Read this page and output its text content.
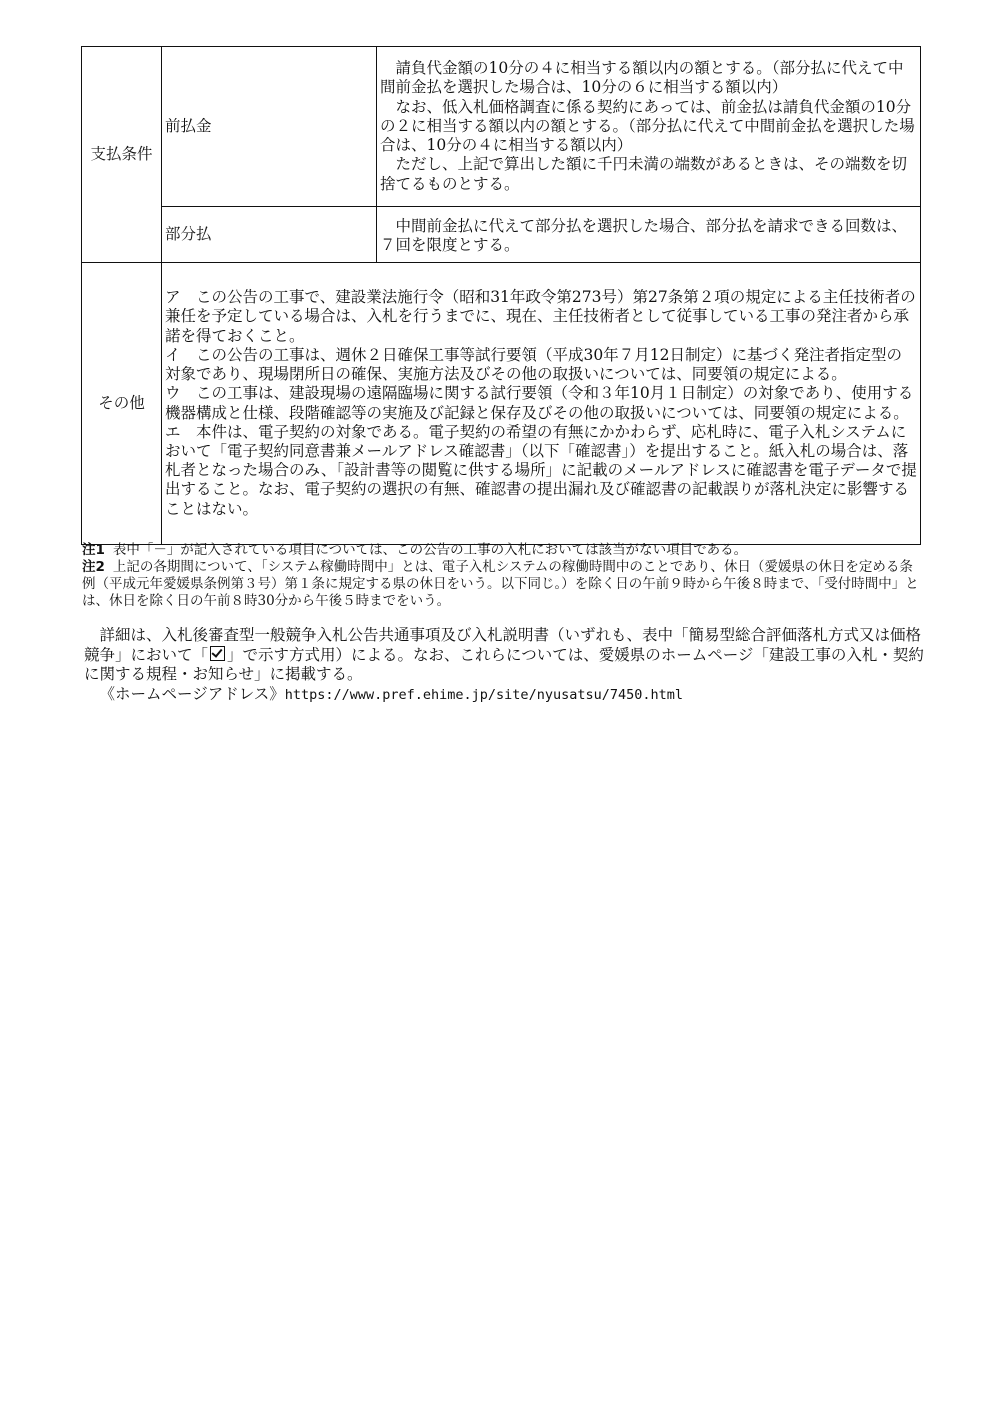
支払条件	前払金	請負代金額の10分の４に相当する額以内の額とする。（部分払に代えて中間前金払を選択した場合は、10分の６に相当する額以内）

なお、低入札価格調査に係る契約にあっては、前金払は請負代金額の10分の２に相当する額以内の額とする。（部分払に代えて中間前金払を選択した場合は、10分の４に相当する額以内）

ただし、上記で算出した額に千円未満の端数があるときは、その端数を切捨てるものとする。

	部分払	中間前金払に代えて部分払を選択した場合、部分払を請求できる回数は、７回を限度とする。

その他	ア　この公告の工事で、建設業法施行令（昭和31年政令第273号）第27条第２項の規定による主任技術者の兼任を予定している場合は、入札を行うまでに、現在、主任技術者として従事している工事の発注者から承諾を得ておくこと。

イ　この公告の工事は、週休２日確保工事等試行要領（平成30年７月12日制定）に基づく発注者指定型の対象であり、現場閉所日の確保、実施方法及びその他の取扱いについては、同要領の規定による。

ウ　この工事は、建設現場の遠隔臨場に関する試行要領（令和３年10月１日制定）の対象であり、使用する機器構成と仕様、段階確認等の実施及び記録と保存及びその他の取扱いについては、同要領の規定による。

エ　本件は、電子契約の対象である。電子契約の希望の有無にかかわらず、応札時に、電子入札システムにおいて「電子契約同意書兼メールアドレス確認書」（以下「確認書」）を提出すること。紙入札の場合は、落札者となった場合のみ、「設計書等の閲覧に供する場所」に記載のメールアドレスに確認書を電子データで提出すること。なお、電子契約の選択の有無、確認書の提出漏れ及び確認書の記載誤りが落札決定に影響することはない。	

注1 表中「－」が記入されている項目については、この公告の工事の入札においては該当がない項目である。

注2 上記の各期間について、「システム稼働時間中」とは、電子入札システムの稼働時間中のことであり、休日（愛媛県の休日を定める条例（平成元年愛媛県条例第３号）第１条に規定する県の休日をいう。以下同じ。）を除く日の午前９時から午後８時まで、「受付時間中」とは、休日を除く日の午前８時30分から午後５時までをいう。

詳細は、入札後審査型一般競争入札公告共通事項及び入札説明書（いずれも、表中「簡易型総合評価落札方式又は価格競争」において「 」で示す方式用）による。なお、これらについては、愛媛県のホームページ「建設工事の入札・契約に関する規程・お知らせ」に掲載する。

《ホームページアドレス》https://www.pref.ehime.jp/site/nyusatsu/7450.html
